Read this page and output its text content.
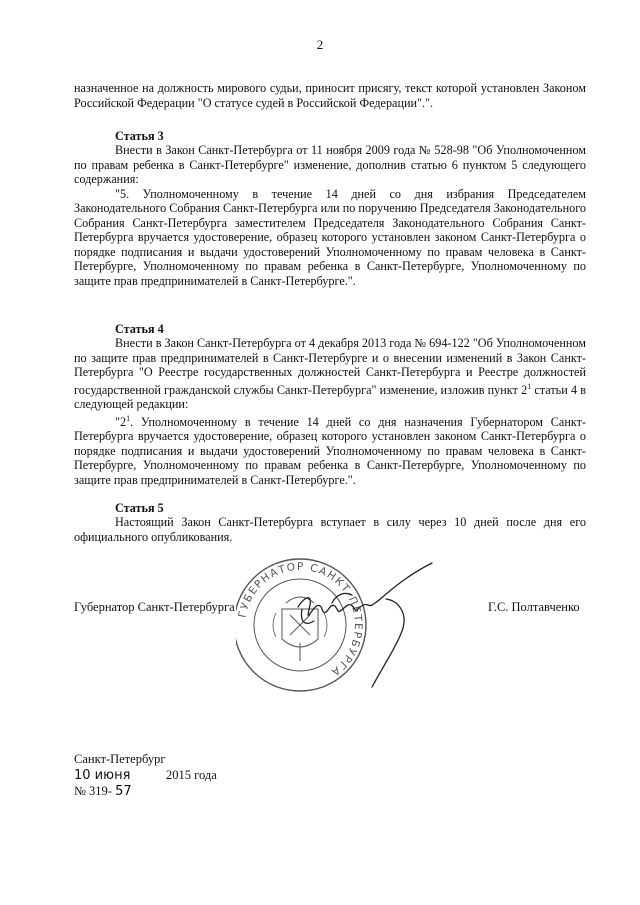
2

назначенное на должность мирового судьи, приносит присягу, текст которой установлен Законом Российской Федерации "О статусе судей в Российской Федерации".".

Статья 3

Внести в Закон Санкт-Петербурга от 11 ноября 2009 года № 528-98 "Об Уполномоченном по правам ребенка в Санкт-Петербурге" изменение, дополнив статью 6 пунктом 5 следующего содержания:

"5. Уполномоченному в течение 14 дней со дня избрания Председателем Законодательного Собрания Санкт-Петербурга или по поручению Председателя Законодательного Собрания Санкт-Петербурга заместителем Председателя Законодательного Собрания Санкт-Петербурга вручается удостоверение, образец которого установлен законом Санкт-Петербурга о порядке подписания и выдачи удостоверений Уполномоченному по правам человека в Санкт-Петербурге, Уполномоченному по правам ребенка в Санкт-Петербурге, Уполномоченному по защите прав предпринимателей в Санкт-Петербурге.".

Статья 4

Внести в Закон Санкт-Петербурга от 4 декабря 2013 года № 694-122 "Об Уполномоченном по защите прав предпринимателей в Санкт-Петербурге и о внесении изменений в Закон Санкт-Петербурга "О Реестре государственных должностей Санкт-Петербурга и Реестре должностей государственной гражданской службы Санкт-Петербурга" изменение, изложив пункт $2^1$ статьи 4 в следующей редакции:

"$2^1$. Уполномоченному в течение 14 дней со дня назначения Губернатором Санкт-Петербурга вручается удостоверение, образец которого установлен законом Санкт-Петербурга о порядке подписания и выдачи удостоверений Уполномоченному по правам человека в Санкт-Петербурге, Уполномоченному по правам ребенка в Санкт-Петербурге, Уполномоченному по защите прав предпринимателей в Санкт-Петербурге.".

Статья 5

Настоящий Закон Санкт-Петербурга вступает в силу через 10 дней после дня его официального опубликования.

ГУБЕРНАТОР САНКТ-ПЕТЕРБУРГА
Губернатор Санкт-Петербурга	Г.С. Полтавченко
Санкт-Петербург
10 июня	2015 года
№ 319- 57
